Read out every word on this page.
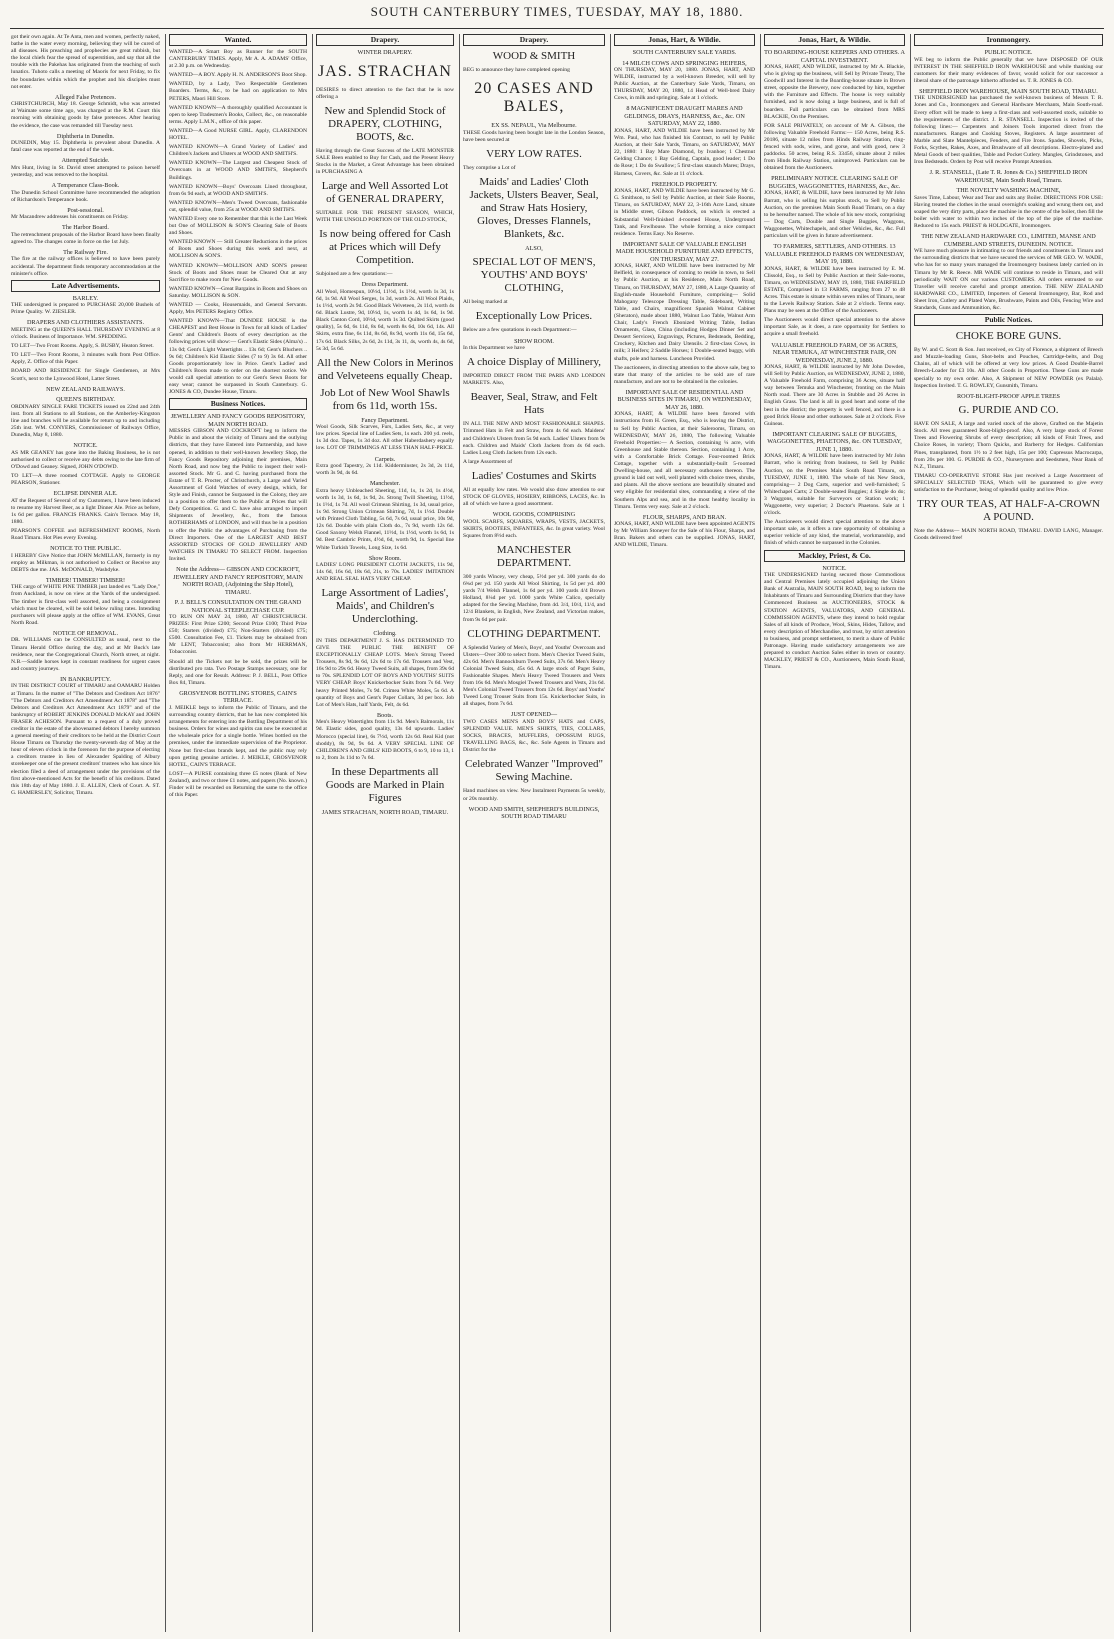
SOUTH CANTERBURY TIMES, TUESDAY, MAY 18, 1880.
got their own again. At Te Anta, men and women, perfectly naked, bathe in the water every morning, believing they will be cured of all diseases. His preaching and prophecies are great rubbish, but the local chiefs fear the spread of superstition, and say that all the trouble with the Pakehas has originated from the teaching of such lunatics. Tuhoto calls a meeting of Maoris for next Friday, to fix the boundaries within which the prophet and his disciples must not enter.
Alleged False Pretences.
CHRISTCHURCH, May 18. George Schmidt, who was arrested at Waimate some time ago, was charged at the R.M. Court this morning with obtaining goods by false pretences. After hearing the evidence, the case was remanded till Tuesday next.
Diphtheria in Dunedin.
DUNEDIN, May 15. Diphtheria is prevalent about Dunedin. A fatal case was reported at the end of the week.
Attempted Suicide.
Mrs Hunt, living in St. David street attempted to poison herself yesterday, and was removed to the hospital.
A Temperance Class-Book.
The Dunedin School Committee have recommended the adoption of Richardson's Temperance book.
Post-sessional.
Mr Macandrew addresses his constituents on Friday.
The Harbor Board.
The retrenchment proposals of the Harbor Board have been finally agreed to. The changes come in force on the 1st July.
The Railway Fire.
The fire at the railway offices is believed to have been purely accidental. The department finds temporary accommodation at the minister's office.
Late Advertisements.
BARLEY.
THE undersigned is prepared to PURCHASE 20,000 Bushels of Prime Quality. W. ZIESLER.
DRAPERS AND CLOTHIERS ASSISTANTS.
MEETING at the QUEEN'S HALL THURSDAY EVENING at 8 o'clock. Business of Importance. WM. SPEDDING.
TO LET—Two Front Rooms. Apply, S. BUSBY, Heaton Street.
TO LET—Two Front Rooms, 3 minutes walk from Post Office. Apply, Z. Office of this Paper.
BOARD AND RESIDENCE for Single Gentlemen, at Mrs Scott's, next to the Lynwood Hotel, Latter Street.
NEW ZEALAND RAILWAYS.
QUEEN'S BIRTHDAY.
ORDINARY SINGLE FARE TICKETS issued on 22nd and 24th inst. from all Stations to all Stations, on the Amberley-Kingston line and branches will be available for return up to and including 25th inst. WM. CONYERS, Commissioner of Railways Office, Dunedin, May 8, 1880.
NOTICE.
AS MR GEANEY has gone into the Baking Business, he is not authorised to collect or receive any debts owing to the late firm of O'Dowd and Geaney. Signed, JOHN O'DOWD.
TO LET—A three roomed COTTAGE. Apply to GEORGE PEARSON, Stationer.
ECLIPSE DINNER ALE.
AT the Request of Several of my Customers, I have been induced to resume my Harvest Beer, as a light Dinner Ale. Price as before, 1s 6d per gallon. FRANCIS FRANKS. Cain's Terrace. May 18, 1880.
PEARSON'S COFFEE and REFRESHMENT ROOMS, North Road Timaru. Hot Pies every Evening.
NOTICE TO THE PUBLIC.
I HEREBY Give Notice that JOHN McMILLAN, formerly in my employ as Milkman, is not authorised to Collect or Receive any DEBTS due me. JAS. McDONALD, Washdyke.
TIMBER! TIMBER! TIMBER!
THE cargo of WHITE PINE TIMBER just landed ex "Lady Doe," from Auckland, is now on view at the Yards of the undersigned. The timber is first-class well assorted, and being a consignment which must be cleared, will be sold below ruling rates. Intending purchasers will please apply at the office of WM. EVANS, Great North Road.
NOTICE OF REMOVAL.
DR. WILLIAMS can be CONSULTED as usual, next to the Timaru Herald Office during the day, and at Mr Buck's late residence, near the Congregational Church, North street, at night. N.B.—Saddle horses kept in constant readiness for urgent cases and country journeys.
IN BANKRUPTCY.
IN THE DISTRICT COURT of TIMARU and OAMARU Holden at Timaru. In the matter of "The Debtors and Creditors Act 1876" "The Debtors and Creditors Act Amendment Act 1878" and "The Debtors and Creditors Act Amendment Act 1879" and of the bankruptcy of ROBERT JENKINS DONALD McKAY and JOHN FRASER ACHESON. Pursuant to a request of a duly proved creditor in the estate of the abovenamed debtors I hereby summon a general meeting of their creditors to be held at the District Court House Timaru on Thursday the twenty-seventh day of May at the hour of eleven o'clock in the forenoon for the purpose of electing a creditors trustee in lieu of Alexander Spalding of Albury storekeeper one of the present creditors' trustees who has since his election filed a deed of arrangement under the provisions of the first above-mentioned Acts for the benefit of his creditors. Dated this 18th day of May 1880. J. E. ALLEN, Clerk of Court. A. ST. G. HAMERSLEY, Solicitor, Timaru.
Wanted.
WANTED—A Smart Boy as Runner for the SOUTH CANTERBURY TIMES. Apply, Mr A. A. ADAMS' Office, at 2.30 p.m. on Wednesday.
WANTED—A BOY. Apply H. N. ANDERSON'S Boot Shop.
WANTED, by a Lady, Two Respectable Gentlemen Boarders. Terms, &c., to be had on application to Mrs PETERS, Maori Hill Store.
WANTED KNOWN—A thoroughly qualified Accountant is open to keep Tradesmen's Books, Collect, &c., on reasonable terms. Apply L.M.N., office of this paper.
WANTED—A Good NURSE GIRL. Apply, CLARENDON HOTEL.
WANTED KNOWN—A Grand Variety of Ladies' and Children's Jackets and Ulsters at WOOD AND SMITH'S.
WANTED KNOWN—The Largest and Cheapest Stock of Overcoats in at WOOD AND SMITH'S, Shepherd's Buildings.
WANTED KNOWN—Boys' Overcoats Lined throughout, from 6s 9d each, at WOOD AND SMITH'S.
WANTED KNOWN—Men's Tweed Overcoats, fashionable cut, splendid value, from 25s at WOOD AND SMITH'S.
WANTED Every one to Remember that this is the Last Week but One of MOLLISON & SON'S Clearing Sale of Boots and Shoes.
WANTED KNOWN — Still Greater Reductions in the prices of Boots and Shoes during this week and next, at MOLLISON & SON'S.
WANTED KNOWN—MOLLISON AND SON'S present Stock of Boots and Shoes must be Cleared Out at any Sacrifice to make room for New Goods.
WANTED KNOWN—Great Bargains in Boots and Shoes on Saturday. MOLLISON & SON.
WANTED — Cooks, Housemaids, and General Servants. Apply, Mrs PETERS Registry Office.
WANTED KNOWN—That DUNDEE HOUSE is the CHEAPEST and Best House in Town for all kinds of Ladies' Gents' and Children's Boots of every description as the following prices will show:— Gent's Elastic Sides (Alma's) .. 13s 0d; Gent's Light Watertights .. 13s 6d; Gent's Bluchers .. 9s 6d; Children's Kid Elastic Sides (7 to 9) 3s 6d. All other Goods proportionately low in Price. Gent's Ladies' and Children's Boots made to order on the shortest notice. We would call special attention to our Gent's Sewn Boots for easy wear; cannot be surpassed in South Canterbury. G. JONES & CO, Dundee House, Timaru.
Business Notices.
JEWELLERY AND FANCY GOODS REPOSITORY, MAIN NORTH ROAD.
MESSRS GIBSON AND COCKROFT beg to inform the Public in and about the vicinity of Timaru and the outlying districts, that they have Entered into Partnership, and have opened, in addition to their well-known Jewellery Shop, the Fancy Goods Repository adjoining their premises, Main North Road, and now beg the Public to inspect their well-assorted Stock. Mr G. and C. having purchased from the Estate of T. R. Procter, of Christchurch, a Large and Varied Assortment of Gold Watches of every design, which, for Style and Finish, cannot be Surpassed in the Colony, they are in a position to offer them to the Public at Prices that will Defy Competition. G. and C. have also arranged to import Shipments of Jewellery, &c., from the famous ROTHERHAMS of LONDON, and will thus be in a position to offer the Public the advantages of Purchasing from the Direct Importers. One of the LARGEST AND BEST ASSORTED STOCKS OF GOLD JEWELLERY AND WATCHES IN TIMARU TO SELECT FROM. Inspection Invited.
Note the Address— GIBSON AND COCKROFT, JEWELLERY AND FANCY REPOSITORY, MAIN NORTH ROAD, (Adjoining the Ship Hotel), TIMARU.
P. J. BELL'S CONSULTATION ON THE GRAND NATIONAL STEEPLECHASE CUP.
TO RUN ON MAY 24, 1880, AT CHRISTCHURCH. PRIZES: First Prize £200; Second Prize £100; Third Prize £50; Starters (divided) £75; Non-Starters (divided) £75; £500. Consultation Fee, £1. Tickets may be obtained from Mr LENT, Tobacconist; also from Mr HERRMAN, Tobacconist.
Should all the Tickets not be be sold, the prizes will be distributed pro rata. Two Postage Stamps necessary, one for Reply, and one for Result. Address: P. J. BELL, Post Office Box 84, Timaru.
GROSVENOR BOTTLING STORES, CAIN'S TERRACE.
J. MEIKLE begs to inform the Public of Timaru, and the surrounding country districts, that he has now completed his arrangements for entering into the Bottling Department of his business. Orders for wines and spirits can now be executed at the wholesale price for a single bottle. Wines bottled on the premises, under the immediate supervision of the Proprietor. None but first-class brands kept, and the public may rely upon getting genuine articles. J. MEIKLE, GROSVENOR HOTEL, CAIN'S TERRACE.
LOST—A PURSE containing three £5 notes (Bank of New Zealand), and two or three £1 notes, and papers (No. known.) Finder will be rewarded on Returning the same to the office of this Paper.
Drapery.
WINTER DRAPERY.
JAS. STRACHAN
DESIRES to direct attention to the fact that he is now offering a
New and Splendid Stock of DRAPERY, CLOTHING, BOOTS, &c.
Having through the Great Success of the LATE MONSTER SALE Been enabled to Buy for Cash, and the Present Heavy Stocks in the Market, a Great Advantage has been obtained in PURCHASING A
Large and Well Assorted Lot of GENERAL DRAPERY,
SUITABLE FOR THE PRESENT SEASON, WHICH, WITH THE UNSOLD PORTION OF THE OLD STOCK,
Is now being offered for Cash at Prices which will Defy Competition.
Subjoined are a few quotations:—
Dress Department.
All Wool, Homespun, 10½d, 11½d, 1s 1½d, worth 1s 3d, 1s 6d, 1s 9d. All Wool Serges, 1s 3d, worth 2s. All Wool Plaids, 1s 1½d, worth 2s 9d. Good Black Velveteen, 2s 11d, worth 4s 6d. Black Lustre, 9d, 10½d, 1s, worth 1s 4d, 1s 6d, 1s 9d. Black Canton Cord, 10½d, worth 1s 3d. Quilted Skirts (good quality), 5s 6d, 6s 11d, 8s 6d, worth 8s 6d, 10s 6d, 14s. All Skirts, extra fine, 6s 11d, 8s 6d, 8s 9d, worth 11s 6d, 15s 6d, 17s 6d. Black Silks, 2s 6d, 2s 11d, 3s 11, 4s, worth 4s, 4s 6d, 5s 3d, 5s 6d.
All the New Colors in Merinos and Velveteens equally Cheap.
Job Lot of New Wool Shawls from 6s 11d, worth 15s.
Fancy Department.
Wool Goods, Silk Scarves, Furs, Ladies Sets, &c., at very low prices. Special line of Ladies Sets, 1s each. 200 yd. reels, 1s 3d doz. Tapes, 1s 3d doz. All other Haberdashery equally low. LOT OF TRIMMINGS AT LESS THAN HALF-PRICE.
Carpets.
Extra good Tapestry, 2s 11d. Kidderminster, 2s 3d, 2s 11d, worth 3s 9d, 4s 6d.
Manchester.
Extra heavy Unbleached Sheeting, 11d, 1s, 1s 2d, 1s 4½d, worth 1s 3d, 1s 6d, 1s 9d, 2s. Strong Twill Sheeting, 11½d, 1s 1½d, 1s 7d. All wool Crimean Shirting, 1s 3d, usual price, 1s 9d. Strong Union Crimean Shirting, 7d, 1s 1½d. Double with Printed Cloth Tabling, 5s 6d, 7s 6d, usual price, 10s 9d, 12s 6d. Double with plain Cloth do., 7s 9d, worth 12s 6d. Good Saxony Welsh Flannel, 11½d, 1s 1½d, worth 1s 6d, 1s 9d. Best Cambric Prints, 4½d, 6d, worth 9d, 1s. Special line White Turkish Towels, Long Size, 1s 6d.
Show Room.
LADIES' LONG PRESIDENT CLOTH JACKETS, 11s 9d, 14s 6d, 16s 6d, 18s 6d, 21s, to 70s. LADIES' IMITATION AND REAL SEAL HATS VERY CHEAP.
Large Assortment of Ladies', Maids', and Children's Underclothing.
Clothing.
IN THIS DEPARTMENT J. S. HAS DETERMINED TO GIVE THE PUBLIC THE BENEFIT OF EXCEPTIONALLY CHEAP LOTS. Men's Strong Tweed Trousers, 8s 9d, 9s 6d, 12s 6d to 17s 6d. Trousers and Vest, 16s 9d to 29s 6d. Heavy Tweed Suits, all shapes, from 39s 6d to 70s. SPLENDID LOT OF BOYS AND YOUTHS' SUITS VERY CHEAP. Boys' Knickerbocker Suits from 7s 6d. Very heavy Printed Moles, 7s 9d. Crimea White Moles, 5s 6d. A quantity of Boys and Gent's Paper Collars, 3d per box. Job Lot of Men's Hats, half Yards, Felt, 4s 6d.
Boots.
Men's Heavy Watertights from 11s 9d. Men's Balmorals, 11s 9d. Elastic sides, good quality, 13s 6d upwards. Ladies' Morocco (special line), 6s 7½d, worth 12s 6d. Real Kid (not shoddy), 8s 9d, 9s 6d. A VERY SPECIAL LINE OF CHILDREN'S AND GIRLS' KID BOOTS, 6 to 9, 10 to 13, 1 to 2, from 3s 11d to 7s 6d.
In these Departments all Goods are Marked in Plain Figures
JAMES STRACHAN, NORTH ROAD, TIMARU.
Drapery.
WOOD & SMITH
BEG to announce they have completed opening
20 CASES AND BALES,
EX SS. NEPAUL, Via Melbourne.
THESE Goods having been bought late in the London Season, have been secured at
VERY LOW RATES.
They comprise a Lot of
Maids' and Ladies' Cloth Jackets, Ulsters Beaver, Seal, and Straw Hats Hosiery, Gloves, Dresses Flannels, Blankets, &c.
ALSO,
SPECIAL LOT OF MEN'S, YOUTHS' AND BOYS' CLOTHING,
All being marked at
Exceptionally Low Prices.
Below are a few quotations in each Department:—
SHOW ROOM.
In this Department we have
A choice Display of Millinery,
IMPORTED DIRECT FROM THE PARIS AND LONDON MARKETS. Also,
Beaver, Seal, Straw, and Felt Hats
IN ALL THE NEW AND MOST FASHIONABLE SHAPES. Trimmed Hats in Felt and Straw, from 4s 6d each. Maidens' and Children's Ulsters from 5s 9d each. Ladies' Ulsters from 9s each. Children and Maids' Cloth Jackets from 4s 6d each. Ladies Long Cloth Jackets from 12s each.
A large Assortment of
Ladies' Costumes and Skirts
All at equally low rates. We would also draw attention to our STOCK OF GLOVES, HOSIERY, RIBBONS, LACES, &c. In all of which we have a good assortment.
WOOL GOODS, COMPRISING
WOOL SCARFS, SQUARES, WRAPS, VESTS, JACKETS, SKIRTS, BOOTEES, INFANTEES, &c. In great variety. Wool Squares from 8½d each.
MANCHESTER DEPARTMENT.
300 yards Wincey, very cheap, 5½d per yd. 300 yards do do 6¾d per yd. 150 yards All Wool Shirting, 1s 5d per yd. 400 yards 7/4 Welsh Flannel, 1s 6d per yd. 100 yards 4/4 Brown Holland, 8¼d per yd. 1000 yards White Calico, specially adapted for the Sewing Machine, from 4d. 3/4, 10/4, 11/4, and 12/4 Blankets, in English, New Zealand, and Victorian makes, from 9s 6d per pair.
CLOTHING DEPARTMENT.
A Splendid Variety of Men's, Boys', and Youths' Overcoats and Ulsters—Over 300 to select from. Men's Cheviot Tweed Suits, 42s 6d. Men's Bannockburn Tweed Suits, 37s 6d. Men's Heavy Colonial Tweed Suits, 45s 6d. A large stock of Paget Suits, Fashionable Shapes. Men's Heavy Tweed Trousers and Vests from 16s 6d. Men's Mosgiel Tweed Trousers and Vests, 21s 6d. Men's Colonial Tweed Trousers from 12s 6d. Boys' and Youths' Tweed Long Trouser Suits from 15s. Knickerbocker Suits, in all shapes, from 7s 6d.
JUST OPENED—
TWO CASES MEN'S AND BOYS' HATS and CAPS, SPLENDID VALUE. MEN'S SHIRTS, TIES, COLLARS, SOCKS, BRACES, MUFFLERS, OPOSSUM RUGS, TRAVELLING BAGS, &c., &c. Sole Agents in Timaru and District for the
Celebrated Wanzer "Improved" Sewing Machine.
Hand machines on view. New Instalment Payments 5s weekly, or 20s monthly.
WOOD AND SMITH, SHEPHERD'S BUILDINGS, SOUTH ROAD TIMARU
Jonas, Hart, & Wildie.
SOUTH CANTERBURY SALE YARDS.
14 MILCH COWS AND SPRINGING HEIFERS,
ON THURSDAY, MAY 20, 1880. JONAS, HART, AND WILDIE, instructed by a well-known Breeder, will sell by Public Auction, at the Canterbury Sale Yards, Timaru, on THURSDAY, MAY 20, 1880, 14 Head of Well-bred Dairy Cows, in milk and springing. Sale at 1 o'clock.
8 MAGNIFICENT DRAUGHT MARES AND GELDINGS, DRAYS, HARNESS, &c., &c. ON SATURDAY, MAY 22, 1880.
JONAS, HART, AND WILDIE have been instructed by Mr Wm. Paul, who has finished his Contract, to sell by Public Auction, at their Sale Yards, Timaru, on SATURDAY, MAY 22, 1880: 1 Bay Mare Diamond, by Ivanhoe; 1 Chestnut Gelding Chance; 1 Bay Gelding, Captain, good leader; 1 Do do Rose; 1 Do do Swallow; 5 first-class staunch Mares; Drays, Harness, Covers, &c. Sale at 11 o'clock.
FREEHOLD PROPERTY.
JONAS, HART, AND WILDIE have been instructed by Mr G. G. Smithson, to Sell by Public Auction, at their Sale Rooms, Timaru, on SATURDAY, MAY 22, 3-16th Acre Land, situate in Middle street, Gibson Paddock, on which is erected a Substantial Well-finished 4-roomed House, Underground Tank, and Fowlhouse. The whole forming a nice compact residence. Terms Easy. No Reserve.
IMPORTANT SALE OF VALUABLE ENGLISH MADE HOUSEHOLD FURNITURE AND EFFECTS, ON THURSDAY, MAY 27.
JONAS, HART, AND WILDIE have been instructed by Mr Belfield, in consequence of coming to reside in town, to Sell by Public Auction, at his Residence, Main North Road, Timaru, on THURSDAY, MAY 27, 1880, A Large Quantity of English-made Household Furniture, comprising— Solid Mahogany Telescope Dressing Table, Sideboard, Writing Table, and Chairs, magnificent Spanish Walnut Cabinet (Sheraton), made about 1880, Walnut Loo Table, Walnut Arm Chair, Lady's French Ebonized Writing Table, Indian Ornaments, Glass, China (including Hodges Dinner Set and Dessert Services), Engravings, Pictures, Bedsteads, Bedding, Crockery, Kitchen and Dairy Utensils. 2 first-class Cows, in milk; 3 Heifers; 2 Saddle Horses; 1 Double-seated buggy, with shafts, pole and harness. Luncheon Provided.
The auctioneers, in directing attention to the above sale, beg to state that many of the articles to be sold are of rare manufacture, and are not to be obtained in the colonies.
IMPORTANT SALE OF RESIDENTIAL AND BUSINESS SITES IN TIMARU, ON WEDNESDAY, MAY 26, 1880.
JONAS, HART, & WILDIE have been favored with instructions from H. Green, Esq., who is leaving the District, to Sell by Public Auction, at their Salerooms, Timaru, on WEDNESDAY, MAY 26, 1880, The following Valuable Freehold Properties:— A Section, containing ¼ acre, with Greenhouse and Stable thereon. Section, containing 1 Acre, with a Comfortable Brick Cottage. Four-roomed Brick Cottage, together with a substantially-built 5-roomed Dwelling-house, and all necessary outhouses thereon. The ground is laid out well, well planted with choice trees, shrubs, and plants. All the above sections are beautifully situated and very eligible for residential sites, commanding a view of the Southern Alps and sea, and in the most healthy locality in Timaru. Terms very easy. Sale at 2 o'clock.
FLOUR, SHARPS, AND BRAN.
JONAS, HART, AND WILDIE have been appointed AGENTS by Mr William Stoneyer for the Sale of his Flour, Sharps, and Bran. Bakers and others can be supplied. JONAS, HART, AND WILDIE, Timaru.
Jonas, Hart, & Wildie.
TO BOARDING-HOUSE KEEPERS AND OTHERS. A CAPITAL INVESTMENT.
JONAS, HART, AND WILDIE, instructed by Mr A. Blackie, who is giving up the business, will Sell by Private Treaty, The Goodwill and Interest in the Boarding-house situate in Brown street, opposite the Brewery, now conducted by him, together with the Furniture and Effects. The house is very suitably furnished, and is now doing a large business, and is full of boarders. Full particulars can be obtained from MRS BLACKIE, On the Premises.
FOR SALE PRIVATELY, on account of Mr A. Gibson, the following Valuable Freehold Farms:— 150 Acres, being R.S. 20186, situate 12 miles from Hinds Railway Station, ring-fenced with sods, wires, and gorse, and with good, new 3 paddocks. 50 acres, being R.S. 33456, situate about 2 miles from Hinds Railway Station, unimproved. Particulars can be obtained from the Auctioneers.
PRELIMINARY NOTICE. CLEARING SALE OF BUGGIES, WAGGONETTES, HARNESS, &c., &c.
JONAS, HART, & WILDIE, have been instructed by Mr John Barratt, who is selling his surplus stock, to Sell by Public Auction, on the premises Main South Road Timaru, on a day to be hereafter named. The whole of his new stock, comprising— Dog Carts, Double and Single Buggies, Waggons, Waggonettes, Whitechapels, and other Vehicles, &c., &c. Full particulars will be given in future advertisement.
TO FARMERS, SETTLERS, AND OTHERS. 13 VALUABLE FREEHOLD FARMS ON WEDNESDAY, MAY 19, 1880.
JONAS, HART, & WILDIE have been instructed by E. M. Clissold, Esq., to Sell by Public Auction at their Sale-rooms, Timaru, on WEDNESDAY, MAY 19, 1880, THE FAIRFIELD ESTATE, Comprised in 13 FARMS, ranging from 27 to 48 Acres. This estate is situate within seven miles of Timaru, near to the Levels Railway Station. Sale at 2 o'clock. Terms easy. Plans may be seen at the Office of the Auctioneers.
The Auctioneers would direct special attention to the above important Sale, as it does, a rare opportunity for Settlers to acquire a small freehold.
VALUABLE FREEHOLD FARM, OF 36 ACRES, NEAR TEMUKA, AT WINCHESTER FAIR, ON WEDNESDAY, JUNE 2, 1880.
JONAS, HART, & WILDIE instructed by Mr John Dowden, will Sell by Public Auction, on WEDNESDAY, JUNE 2, 1880, A Valuable Freehold Farm, comprising 36 Acres, situate half way between Temuka and Winchester, fronting on the Main North road. There are 30 Acres in Stubble and 26 Acres in English Grass. The land is all in good heart and some of the best in the district; the property is well fenced, and there is a good Brick House and other outhouses. Sale at 2 o'clock. Five Guineas.
IMPORTANT CLEARING SALE OF BUGGIES, WAGGONETTES, PHAETONS, &c. ON TUESDAY, JUNE 1, 1880.
JONAS, HART, & WILDIE have been instructed by Mr John Barratt, who is retiring from business, to Sell by Public Auction, on the Premises Main South Road Timaru, on TUESDAY, JUNE 1, 1880. The whole of his New Stock, comprising— 2 Dog Carts, superior and well-furnished; 5 Whitechapel Carts; 2 Double-seated Buggies; 4 Single do do; 3 Waggons, suitable for Surveyors or Station work; 1 Waggonette, very superior; 2 Doctor's Phaetons. Sale at 1 o'clock.
The Auctioneers would direct special attention to the above important sale, as it offers a rare opportunity of obtaining a superior vehicle of any kind, the material, workmanship, and finish of which cannot be surpassed in the Colonies.
Mackley, Priest, & Co.
NOTICE.
THE UNDERSIGNED having secured those Commodious and Central Premises lately occupied adjoining the Union Bank of Australia, MAIN SOUTH ROAD, beg to inform the Inhabitants of Timaru and Surrounding Districts that they have Commenced Business as AUCTIONEERS, STOCK & STATION AGENTS, VALUATORS, AND GENERAL COMMISSION AGENTS, where they intend to hold regular Sales of all kinds of Produce, Wool, Skins, Hides, Tallow, and every description of Merchandise, and trust, by strict attention to business, and prompt settlement, to merit a share of Public Patronage. Having made satisfactory arrangements we are prepared to conduct Auction Sales either in town or country. MACKLEY, PRIEST & CO., Auctioneers, Main South Road, Timaru.
Ironmongery.
PUBLIC NOTICE.
WE beg to inform the Public generally that we have DISPOSED OF OUR INTEREST IN THE SHEFFIELD IRON WAREHOUSE and while thanking our customers for their many evidences of favor, would solicit for our successor a liberal share of the patronage hitherto afforded us. T. R. JONES & CO.
SHEFFIELD IRON WAREHOUSE, MAIN SOUTH ROAD, TIMARU.
THE UNDERSIGNED has purchased the well-known business of Messrs T. R. Jones and Co., Ironmongers and General Hardware Merchants, Main South-road. Every effort will be made to keep a first-class and well-assorted stock, suitable to the requirements of the district. J. R. STANSELL. Inspection is invited of the following lines:— Carpenters and Joiners Tools imported direct from the manufacturers. Ranges and Cooking Stoves, Registers. A large assortment of Marble and Slate Mantelpieces, Fenders, and Fire Irons. Spades, Shovels, Picks, Forks, Scythes, Rakes, Axes, and Brushware of all descriptions. Electro-plated and Metal Goods of best qualities, Table and Pocket Cutlery. Mangles, Grindstones, and Iron Bedsteads. Orders by Post will receive Prompt Attention.
J. R. STANSELL, (Late T. R. Jones & Co.) SHEFFIELD IRON WAREHOUSE, Main South Road, Timaru.
THE NOVELTY WASHING MACHINE,
Saves Time, Labour, Wear and Tear and suits any Boiler. DIRECTIONS FOR USE: Having treated the clothes in the usual overnight's soaking and wrung them out, and soaped the very dirty parts, place the machine in the centre of the boiler, then fill the boiler with water to within two inches of the top of the pipe of the machine. Reduced to 15s each. PRIEST & HOLDGATE, Ironmongers.
THE NEW ZEALAND HARDWARE CO., LIMITED, MANSE AND CUMBERLAND STREETS, DUNEDIN. NOTICE.
WE have much pleasure in intimating to our friends and constituents in Timaru and the surrounding districts that we have secured the services of MR GEO. W. WADE, who has for so many years managed the Ironmongery business lately carried on in Timaru by Mr R. Reece. MR WADE will continue to reside in Timaru, and will periodically WAIT ON our various CUSTOMERS. All orders entrusted to our Traveller will receive careful and prompt attention. THE NEW ZEALAND HARDWARE CO., LIMITED, Importers of General Ironmongery, Bar, Rod and Sheet Iron, Cutlery and Plated Ware, Brushware, Paints and Oils, Fencing Wire and Standards, Guns and Ammunition, &c.
Public Notices.
CHOKE BORE GUNS.
By W. and C. Scott & Son. Just received, ex City of Florence, a shipment of Breech and Muzzle-loading Guns, Shot-belts and Pouches, Cartridge-belts, and Dog Chains, all of which will be offered at very low prices. A Good Double-Barrel Breech-Loader for £3 10s. All other Goods in Proportion. These Guns are made specially to my own order. Also, A Shipment of NEW POWDER (ex Palala). Inspection Invited. T. G. ROWLEY, Gunsmith, Timaru.
ROOT-BLIGHT-PROOF APPLE TREES
G. PURDIE AND CO.
HAVE ON SALE, A large and varied stock of the above, Grafted on the Majetin Stock. All trees guaranteed Root-blight-proof. Also, A very large stock of Forest Trees and Flowering Shrubs of every description; all kinds of Fruit Trees, and Choice Roses, in variety; Thorn Quicks, and Barberry for Hedges. Californian Pines, transplanted, from 1½ to 2 feet high, 15s per 100; Cupressus Macrocarpa, from 20s per 100. G. PURDIE & CO., Nurserymen and Seedsmen, Near Bank of N.Z., Timaru.
TIMARU CO-OPERATIVE STORE Has just received a Large Assortment of SPECIALLY SELECTED TEAS, Which will be guaranteed to give every satisfaction to the Purchaser, being of splendid quality and low Price.
TRY OUR TEAS, AT HALF-A-CROWN A POUND.
Note the Address— MAIN NORTH ROAD, TIMARU. DAVID LANG, Manager. Goods delivered free!
